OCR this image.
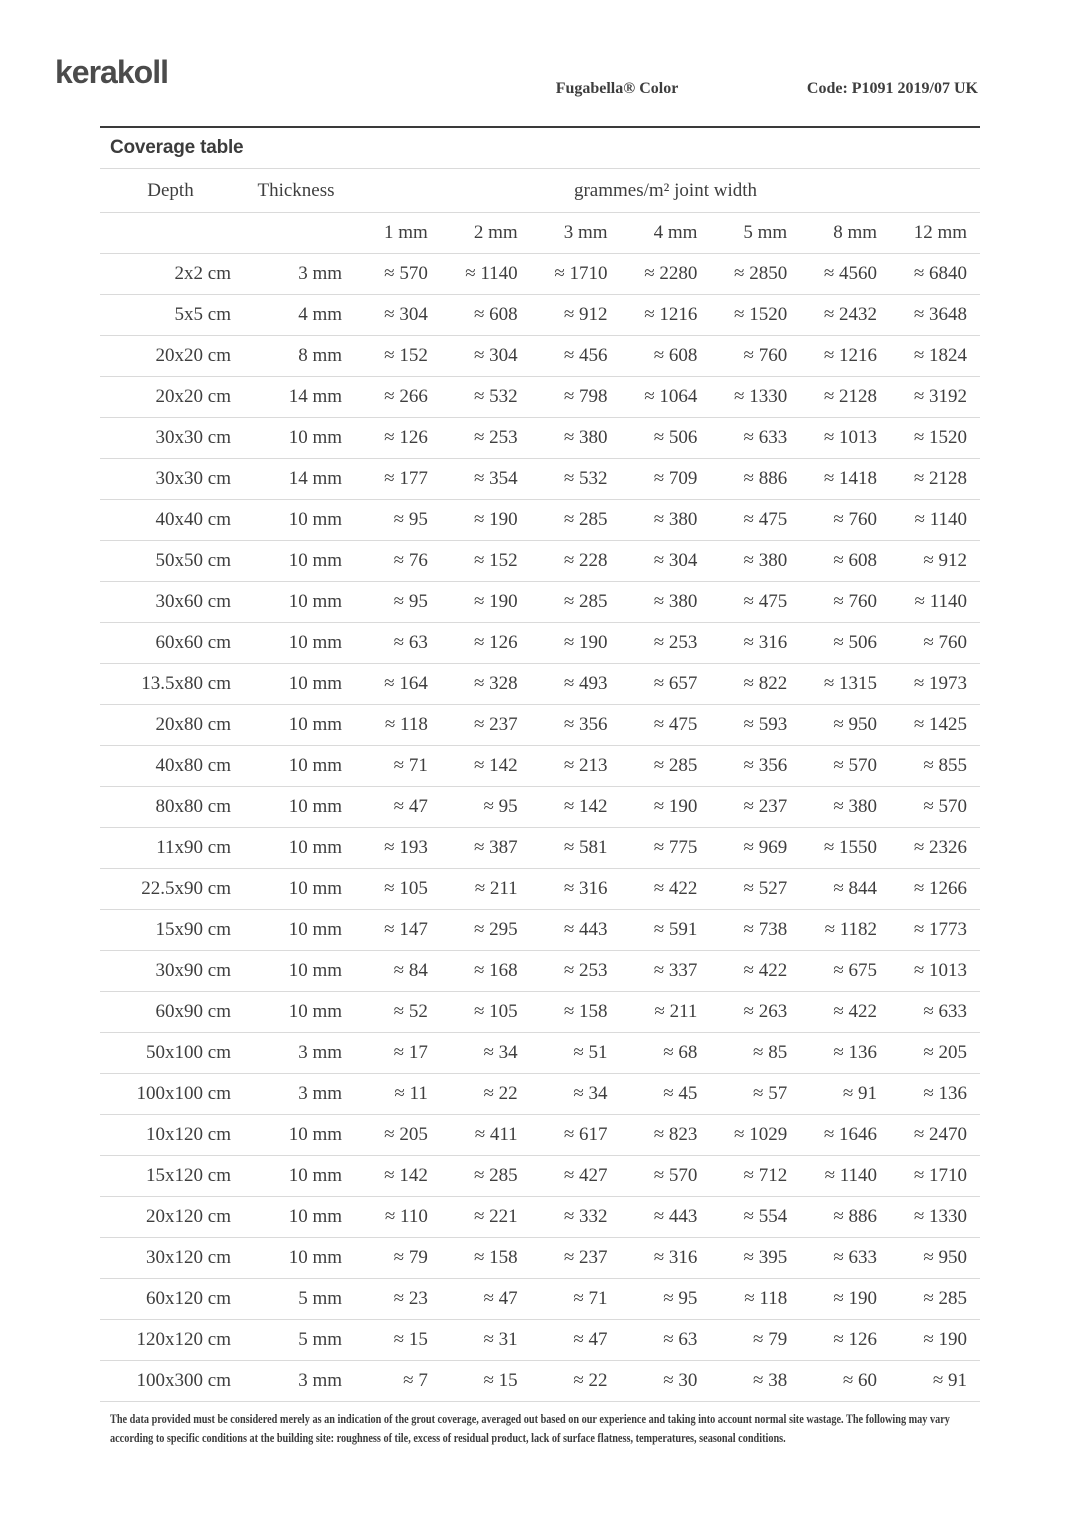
kerakoll	Fugabella® Color	Code: P1091 2019/07 UK
Coverage table
Depth	Thickness	grammes/m² joint width						
		1 mm	2 mm	3 mm	4 mm	5 mm	8 mm	12 mm
2x2 cm	3 mm	≈ 570	≈ 1140	≈ 1710	≈ 2280	≈ 2850	≈ 4560	≈ 6840
5x5 cm	4 mm	≈ 304	≈ 608	≈ 912	≈ 1216	≈ 1520	≈ 2432	≈ 3648
20x20 cm	8 mm	≈ 152	≈ 304	≈ 456	≈ 608	≈ 760	≈ 1216	≈ 1824
20x20 cm	14 mm	≈ 266	≈ 532	≈ 798	≈ 1064	≈ 1330	≈ 2128	≈ 3192
30x30 cm	10 mm	≈ 126	≈ 253	≈ 380	≈ 506	≈ 633	≈ 1013	≈ 1520
30x30 cm	14 mm	≈ 177	≈ 354	≈ 532	≈ 709	≈ 886	≈ 1418	≈ 2128
40x40 cm	10 mm	≈ 95	≈ 190	≈ 285	≈ 380	≈ 475	≈ 760	≈ 1140
50x50 cm	10 mm	≈ 76	≈ 152	≈ 228	≈ 304	≈ 380	≈ 608	≈ 912
30x60 cm	10 mm	≈ 95	≈ 190	≈ 285	≈ 380	≈ 475	≈ 760	≈ 1140
60x60 cm	10 mm	≈ 63	≈ 126	≈ 190	≈ 253	≈ 316	≈ 506	≈ 760
13.5x80 cm	10 mm	≈ 164	≈ 328	≈ 493	≈ 657	≈ 822	≈ 1315	≈ 1973
20x80 cm	10 mm	≈ 118	≈ 237	≈ 356	≈ 475	≈ 593	≈ 950	≈ 1425
40x80 cm	10 mm	≈ 71	≈ 142	≈ 213	≈ 285	≈ 356	≈ 570	≈ 855
80x80 cm	10 mm	≈ 47	≈ 95	≈ 142	≈ 190	≈ 237	≈ 380	≈ 570
11x90 cm	10 mm	≈ 193	≈ 387	≈ 581	≈ 775	≈ 969	≈ 1550	≈ 2326
22.5x90 cm	10 mm	≈ 105	≈ 211	≈ 316	≈ 422	≈ 527	≈ 844	≈ 1266
15x90 cm	10 mm	≈ 147	≈ 295	≈ 443	≈ 591	≈ 738	≈ 1182	≈ 1773
30x90 cm	10 mm	≈ 84	≈ 168	≈ 253	≈ 337	≈ 422	≈ 675	≈ 1013
60x90 cm	10 mm	≈ 52	≈ 105	≈ 158	≈ 211	≈ 263	≈ 422	≈ 633
50x100 cm	3 mm	≈ 17	≈ 34	≈ 51	≈ 68	≈ 85	≈ 136	≈ 205
100x100 cm	3 mm	≈ 11	≈ 22	≈ 34	≈ 45	≈ 57	≈ 91	≈ 136
10x120 cm	10 mm	≈ 205	≈ 411	≈ 617	≈ 823	≈ 1029	≈ 1646	≈ 2470
15x120 cm	10 mm	≈ 142	≈ 285	≈ 427	≈ 570	≈ 712	≈ 1140	≈ 1710
20x120 cm	10 mm	≈ 110	≈ 221	≈ 332	≈ 443	≈ 554	≈ 886	≈ 1330
30x120 cm	10 mm	≈ 79	≈ 158	≈ 237	≈ 316	≈ 395	≈ 633	≈ 950
60x120 cm	5 mm	≈ 23	≈ 47	≈ 71	≈ 95	≈ 118	≈ 190	≈ 285
120x120 cm	5 mm	≈ 15	≈ 31	≈ 47	≈ 63	≈ 79	≈ 126	≈ 190
100x300 cm	3 mm	≈ 7	≈ 15	≈ 22	≈ 30	≈ 38	≈ 60	≈ 91
The data provided must be considered merely as an indication of the grout coverage, averaged out based on our experience and taking into account normal site wastage. The following may vary
according to specific conditions at the building site: roughness of tile, excess of residual product, lack of surface flatness, temperatures, seasonal conditions.
